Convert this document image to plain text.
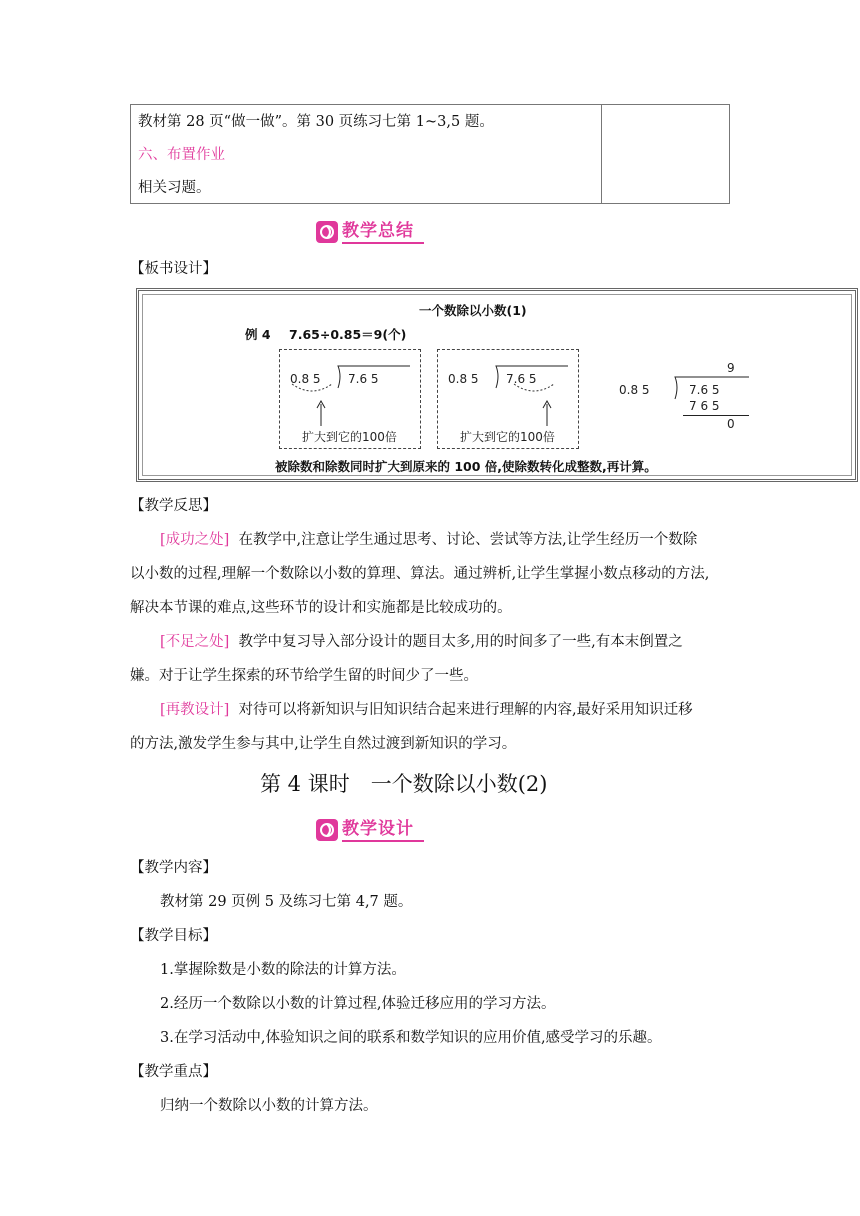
教材第 28 页“做一做”。第 30 页练习七第 1~3,5 题。
六、布置作业
相关习题。
教学总结
【板书设计】
一个数除以小数(1)
例 4 7.65÷0.85＝9(个)
0.8 5 7.6 5
扩大到它的100倍
0.8 5 7.6 5
扩大到它的100倍
9
0.8 5	7.6 5
7 6 5
0
被除数和除数同时扩大到原来的 100 倍,使除数转化成整数,再计算。
【教学反思】
[成功之处] 在教学中,注意让学生通过思考、讨论、尝试等方法,让学生经历一个数除
以小数的过程,理解一个数除以小数的算理、算法。通过辨析,让学生掌握小数点移动的方法,
解决本节课的难点,这些环节的设计和实施都是比较成功的。
[不足之处] 教学中复习导入部分设计的题目太多,用的时间多了一些,有本末倒置之
嫌。对于让学生探索的环节给学生留的时间少了一些。
[再教设计] 对待可以将新知识与旧知识结合起来进行理解的内容,最好采用知识迁移
的方法,激发学生参与其中,让学生自然过渡到新知识的学习。
第 4 课时　一个数除以小数(2)
教学设计
【教学内容】
教材第 29 页例 5 及练习七第 4,7 题。
【教学目标】
1.掌握除数是小数的除法的计算方法。
2.经历一个数除以小数的计算过程,体验迁移应用的学习方法。
3.在学习活动中,体验知识之间的联系和数学知识的应用价值,感受学习的乐趣。
【教学重点】
归纳一个数除以小数的计算方法。
